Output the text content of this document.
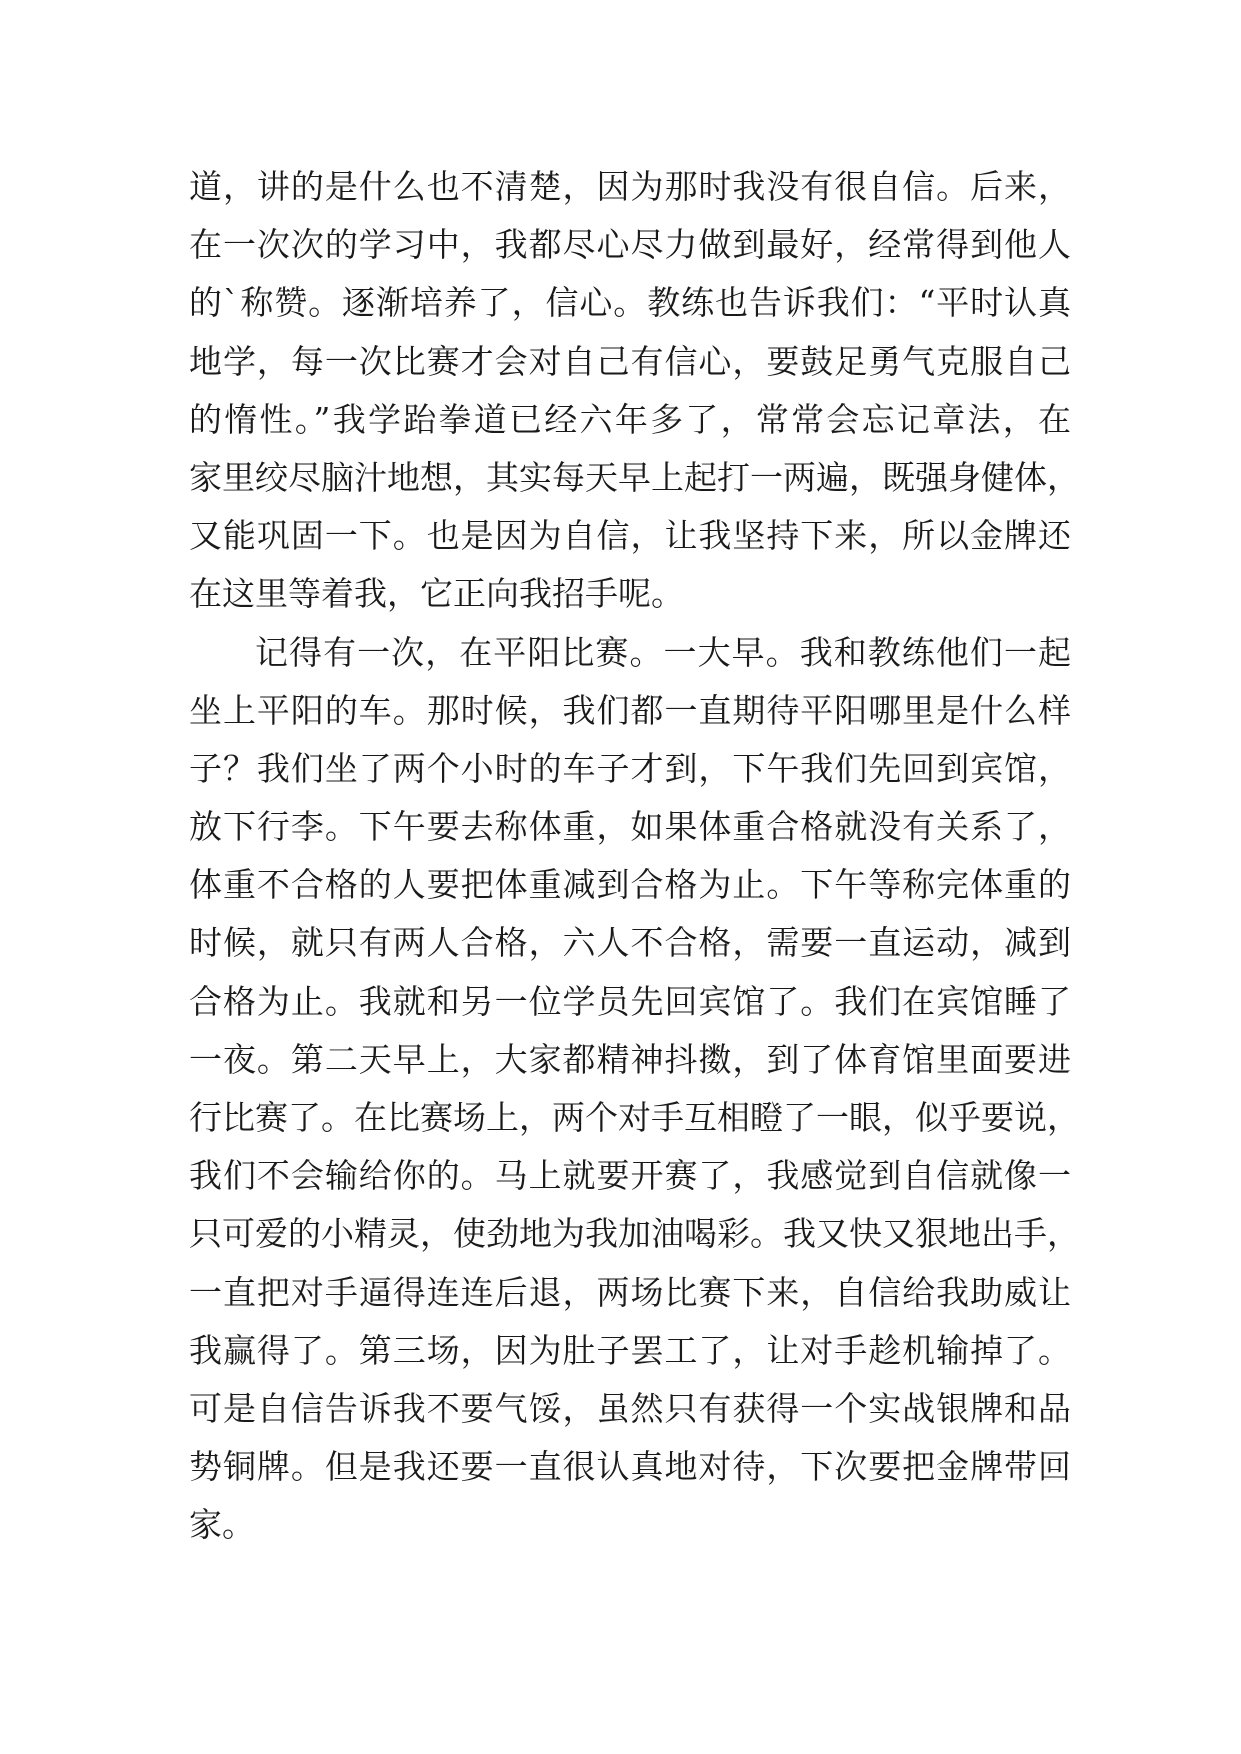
道，讲的是什么也不清楚，因为那时我没有很自信。后来，
在一次次的学习中，我都尽心尽力做到最好，经常得到他人
的`称赞。逐渐培养了，信心。教练也告诉我们：“平时认真
地学，每一次比赛才会对自己有信心，要鼓足勇气克服自己
的惰性。”我学跆拳道已经六年多了，常常会忘记章法，在
家里绞尽脑汁地想，其实每天早上起打一两遍，既强身健体，
又能巩固一下。也是因为自信，让我坚持下来，所以金牌还
在这里等着我，它正向我招手呢。
记得有一次，在平阳比赛。一大早。我和教练他们一起
坐上平阳的车。那时候，我们都一直期待平阳哪里是什么样
子？我们坐了两个小时的车子才到，下午我们先回到宾馆，
放下行李。下午要去称体重，如果体重合格就没有关系了，
体重不合格的人要把体重减到合格为止。下午等称完体重的
时候，就只有两人合格，六人不合格，需要一直运动，减到
合格为止。我就和另一位学员先回宾馆了。我们在宾馆睡了
一夜。第二天早上，大家都精神抖擞，到了体育馆里面要进
行比赛了。在比赛场上，两个对手互相瞪了一眼，似乎要说，
我们不会输给你的。马上就要开赛了，我感觉到自信就像一
只可爱的小精灵，使劲地为我加油喝彩。我又快又狠地出手，
一直把对手逼得连连后退，两场比赛下来，自信给我助威让
我赢得了。第三场，因为肚子罢工了，让对手趁机输掉了。
可是自信告诉我不要气馁，虽然只有获得一个实战银牌和品
势铜牌。但是我还要一直很认真地对待，下次要把金牌带回
家。
